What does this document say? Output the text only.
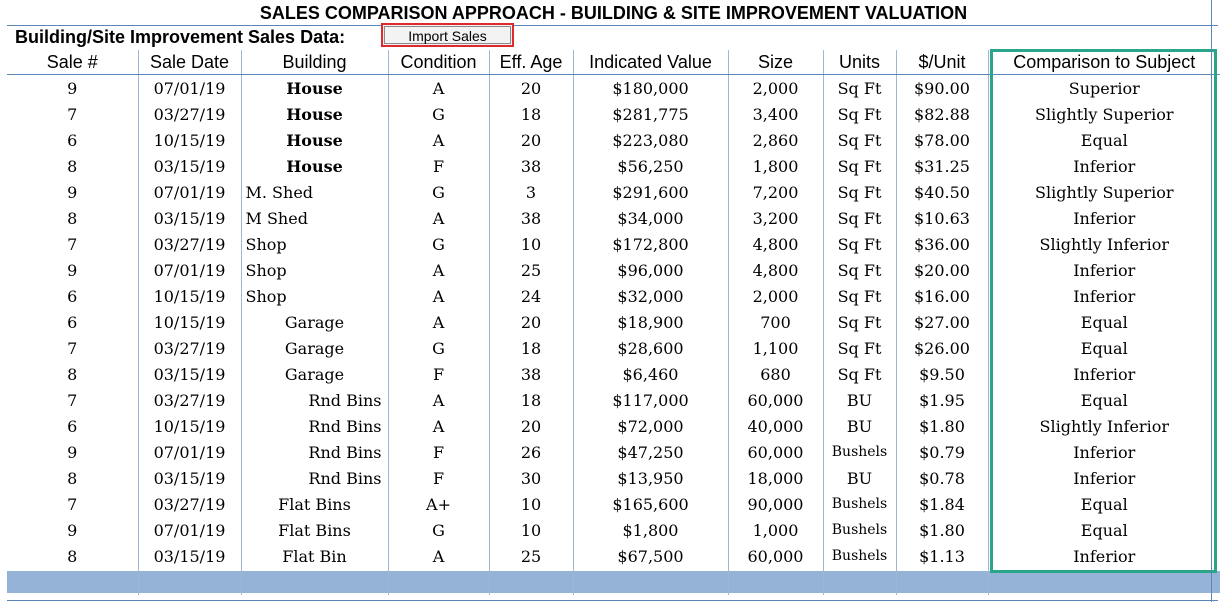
SALES COMPARISON APPROACH - BUILDING & SITE IMPROVEMENT VALUATION
Building/Site Improvement Sales Data:	Import Sales
Sale #	Sale Date	Building	Condition	Eff. Age	Indicated Value	Size	Units	$/Unit	Comparison to Subject
9	07/01/19	House	A	20	$180,000	2,000	Sq Ft	$90.00	Superior
7	03/27/19	House	G	18	$281,775	3,400	Sq Ft	$82.88	Slightly Superior
6	10/15/19	House	A	20	$223,080	2,860	Sq Ft	$78.00	Equal
8	03/15/19	House	F	38	$56,250	1,800	Sq Ft	$31.25	Inferior
9	07/01/19	M. Shed	G	3	$291,600	7,200	Sq Ft	$40.50	Slightly Superior
8	03/15/19	M Shed	A	38	$34,000	3,200	Sq Ft	$10.63	Inferior
7	03/27/19	Shop	G	10	$172,800	4,800	Sq Ft	$36.00	Slightly Inferior
9	07/01/19	Shop	A	25	$96,000	4,800	Sq Ft	$20.00	Inferior
6	10/15/19	Shop	A	24	$32,000	2,000	Sq Ft	$16.00	Inferior
6	10/15/19	Garage	A	20	$18,900	700	Sq Ft	$27.00	Equal
7	03/27/19	Garage	G	18	$28,600	1,100	Sq Ft	$26.00	Equal
8	03/15/19	Garage	F	38	$6,460	680	Sq Ft	$9.50	Inferior
7	03/27/19	Rnd Bins	A	18	$117,000	60,000	BU	$1.95	Equal
6	10/15/19	Rnd Bins	A	20	$72,000	40,000	BU	$1.80	Slightly Inferior
9	07/01/19	Rnd Bins	F	26	$47,250	60,000	Bushels	$0.79	Inferior
8	03/15/19	Rnd Bins	F	30	$13,950	18,000	BU	$0.78	Inferior
7	03/27/19	Flat Bins	A+	10	$165,600	90,000	Bushels	$1.84	Equal
9	07/01/19	Flat Bins	G	10	$1,800	1,000	Bushels	$1.80	Equal
8	03/15/19	Flat Bin	A	25	$67,500	60,000	Bushels	$1.13	Inferior
